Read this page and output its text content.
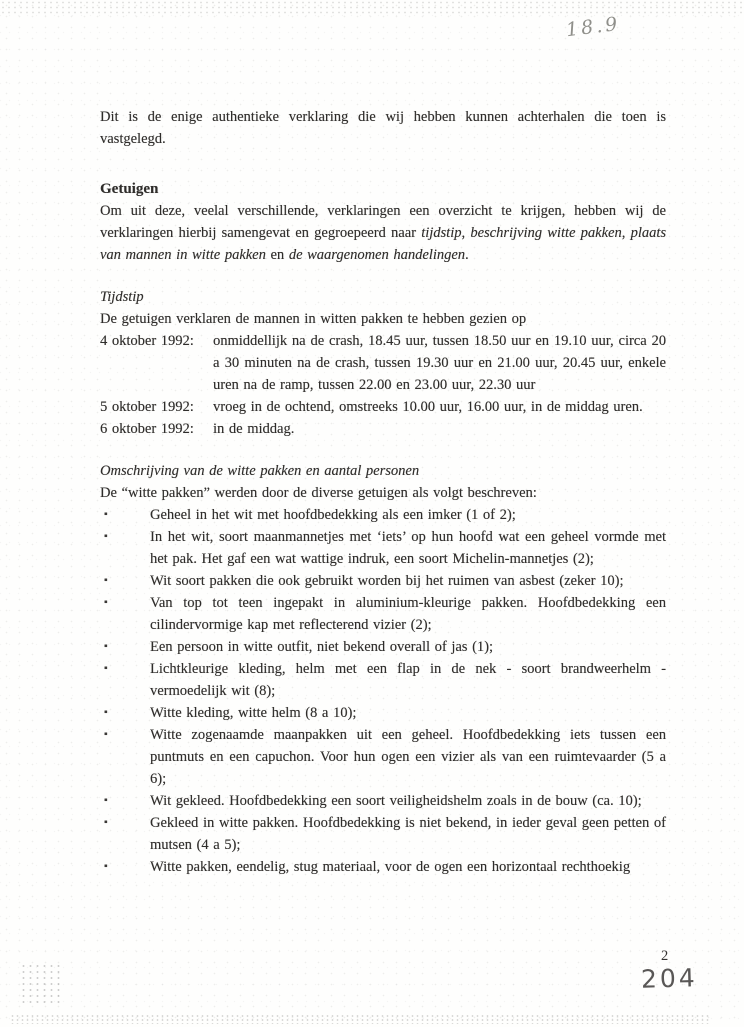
18.9

Dit is de enige authentieke verklaring die wij hebben kunnen achterhalen die toen is vastgelegd.

Getuigen

Om uit deze, veelal verschillende, verklaringen een overzicht te krijgen, hebben wij de verklaringen hierbij samengevat en gegroepeerd naar tijdstip, beschrijving witte pakken, plaats van mannen in witte pakken en de waargenomen handelingen.

Tijdstip

De getuigen verklaren de mannen in witten pakken te hebben gezien op

4 oktober 1992:	onmiddellijk na de crash, 18.45 uur, tussen 18.50 uur en 19.10 uur, circa 20 a 30 minuten na de crash, tussen 19.30 uur en 21.00 uur, 20.45 uur, enkele uren na de ramp, tussen 22.00 en 23.00 uur, 22.30 uur
5 oktober 1992:	vroeg in de ochtend, omstreeks 10.00 uur, 16.00 uur, in de middag uren.
6 oktober 1992:	in de middag.
Omschrijving van de witte pakken en aantal personen

De “witte pakken” werden door de diverse getuigen als volgt beschreven:

▪	Geheel in het wit met hoofdbedekking als een imker (1 of 2);
▪	In het wit, soort maanmannetjes met ‘iets’ op hun hoofd wat een geheel vormde met het pak. Het gaf een wat wattige indruk, een soort Michelin-mannetjes (2);
▪	Wit soort pakken die ook gebruikt worden bij het ruimen van asbest (zeker 10);
▪	Van top tot teen ingepakt in aluminium-kleurige pakken. Hoofdbedekking een cilindervormige kap met reflecterend vizier (2);
▪	Een persoon in witte outfit, niet bekend overall of jas (1);
▪	Lichtkleurige kleding, helm met een flap in de nek - soort brandweerhelm - vermoedelijk wit (8);
▪	Witte kleding, witte helm (8 a 10);
▪	Witte zogenaamde maanpakken uit een geheel. Hoofdbedekking iets tussen een puntmuts en een capuchon. Voor hun ogen een vizier als van een ruimtevaarder (5 a 6);
▪	Wit gekleed. Hoofdbedekking een soort veiligheidshelm zoals in de bouw (ca. 10);
▪	Gekleed in witte pakken. Hoofdbedekking is niet bekend, in ieder geval geen petten of mutsen (4 a 5);
▪	Witte pakken, eendelig, stug materiaal, voor de ogen een horizontaal rechthoekig
2
204
